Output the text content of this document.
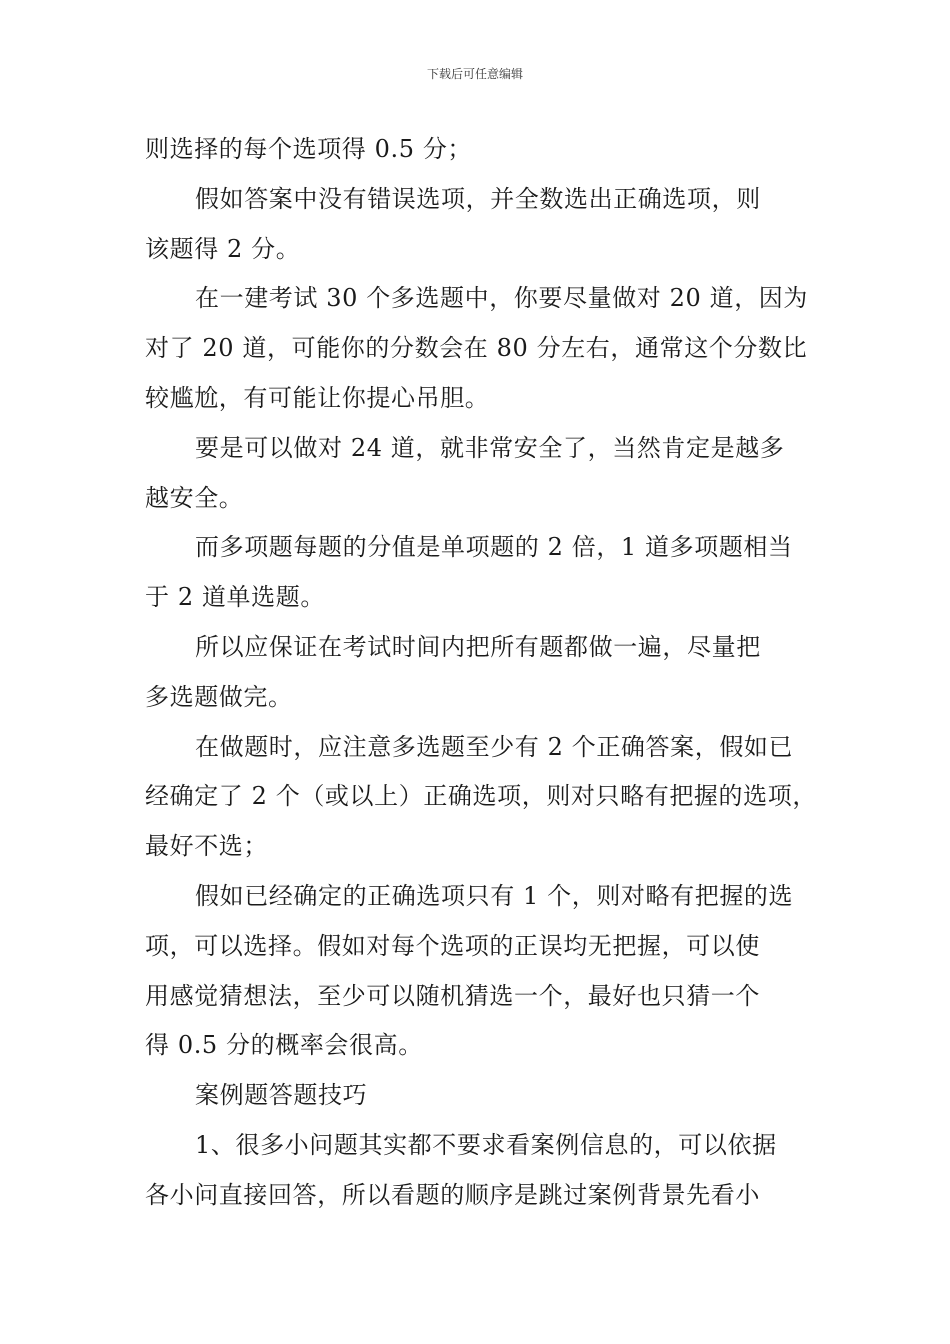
下载后可任意编辑
则选择的每个选项得 0.5 分；
假如答案中没有错误选项，并全数选出正确选项，则
该题得 2 分。
在一建考试 30 个多选题中，你要尽量做对 20 道，因为
对了 20 道，可能你的分数会在 80 分左右，通常这个分数比
较尴尬，有可能让你提心吊胆。
要是可以做对 24 道，就非常安全了，当然肯定是越多
越安全。
而多项题每题的分值是单项题的 2 倍，1 道多项题相当
于 2 道单选题。
所以应保证在考试时间内把所有题都做一遍，尽量把
多选题做完。
在做题时，应注意多选题至少有 2 个正确答案，假如已
经确定了 2 个（或以上）正确选项，则对只略有把握的选项，
最好不选；
假如已经确定的正确选项只有 1 个，则对略有把握的选
项，可以选择。假如对每个选项的正误均无把握，可以使
用感觉猜想法，至少可以随机猜选一个，最好也只猜一个
得 0.5 分的概率会很高。
案例题答题技巧
1、很多小问题其实都不要求看案例信息的，可以依据
各小问直接回答，所以看题的顺序是跳过案例背景先看小
